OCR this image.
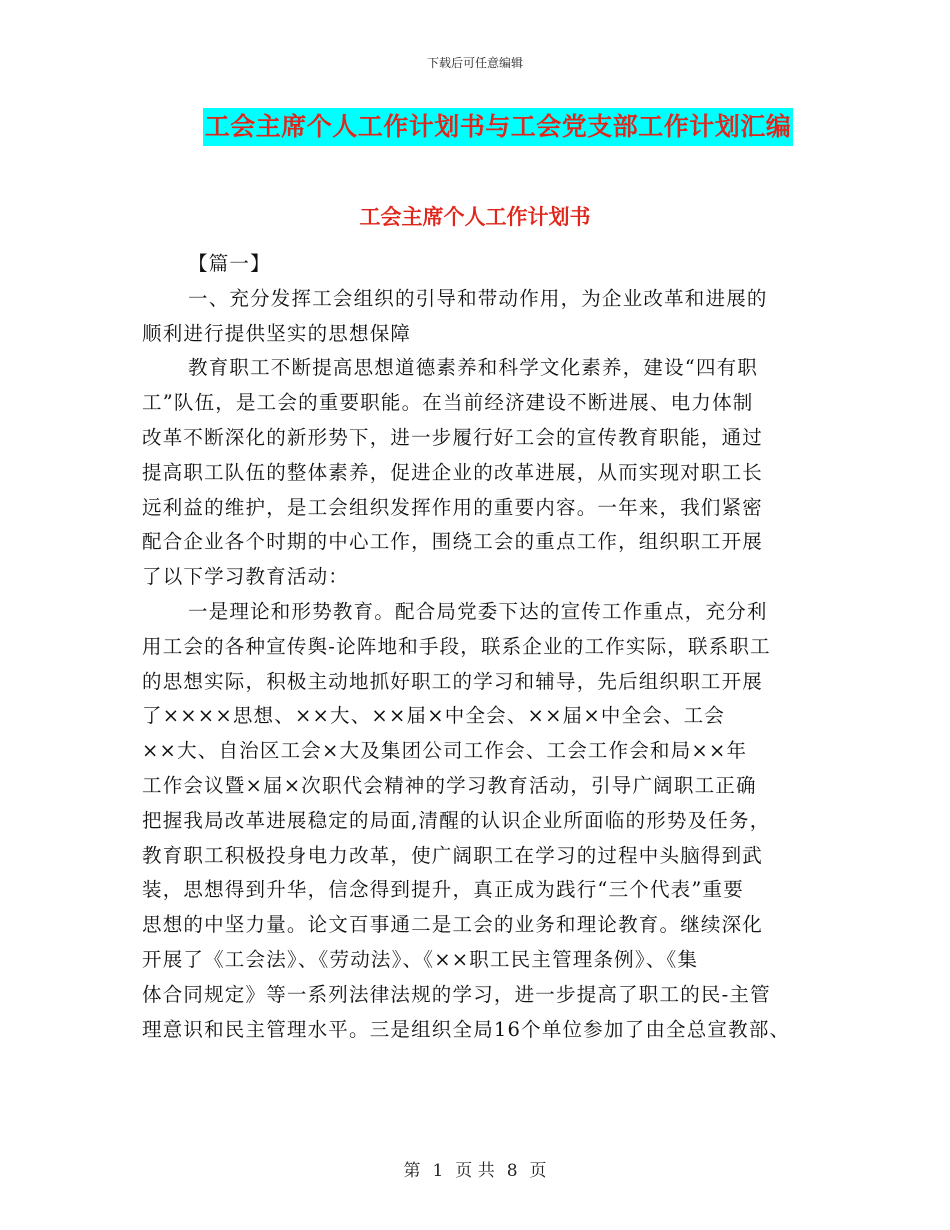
下载后可任意编辑
工会主席个人工作计划书与工会党支部工作计划汇编
工会主席个人工作计划书
【篇一】
一、充分发挥工会组织的引导和带动作用，为企业改革和进展的
顺利进行提供坚实的思想保障
教育职工不断提高思想道德素养和科学文化素养，建设“四有职
工”队伍，是工会的重要职能。在当前经济建设不断进展、电力体制
改革不断深化的新形势下，进一步履行好工会的宣传教育职能，通过
提高职工队伍的整体素养，促进企业的改革进展，从而实现对职工长
远利益的维护，是工会组织发挥作用的重要内容。一年来，我们紧密
配合企业各个时期的中心工作，围绕工会的重点工作，组织职工开展
了以下学习教育活动：
一是理论和形势教育。配合局党委下达的宣传工作重点，充分利
用工会的各种宣传舆-论阵地和手段，联系企业的工作实际，联系职工
的思想实际，积极主动地抓好职工的学习和辅导，先后组织职工开展
了××××思想、××大、××届×中全会、××届×中全会、工会
××大、自治区工会×大及集团公司工作会、工会工作会和局××年
工作会议暨×届×次职代会精神的学习教育活动，引导广阔职工正确
把握我局改革进展稳定的局面,清醒的认识企业所面临的形势及任务，
教育职工积极投身电力改革，使广阔职工在学习的过程中头脑得到武
装，思想得到升华，信念得到提升，真正成为践行“三个代表”重要
思想的中坚力量。论文百事通二是工会的业务和理论教育。继续深化
开展了《工会法》、《劳动法》、《××职工民主管理条例》、《集
体合同规定》等一系列法律法规的学习，进一步提高了职工的民-主管
理意识和民主管理水平。三是组织全局16个单位参加了由全总宣教部、
第 1 页 共 8 页
